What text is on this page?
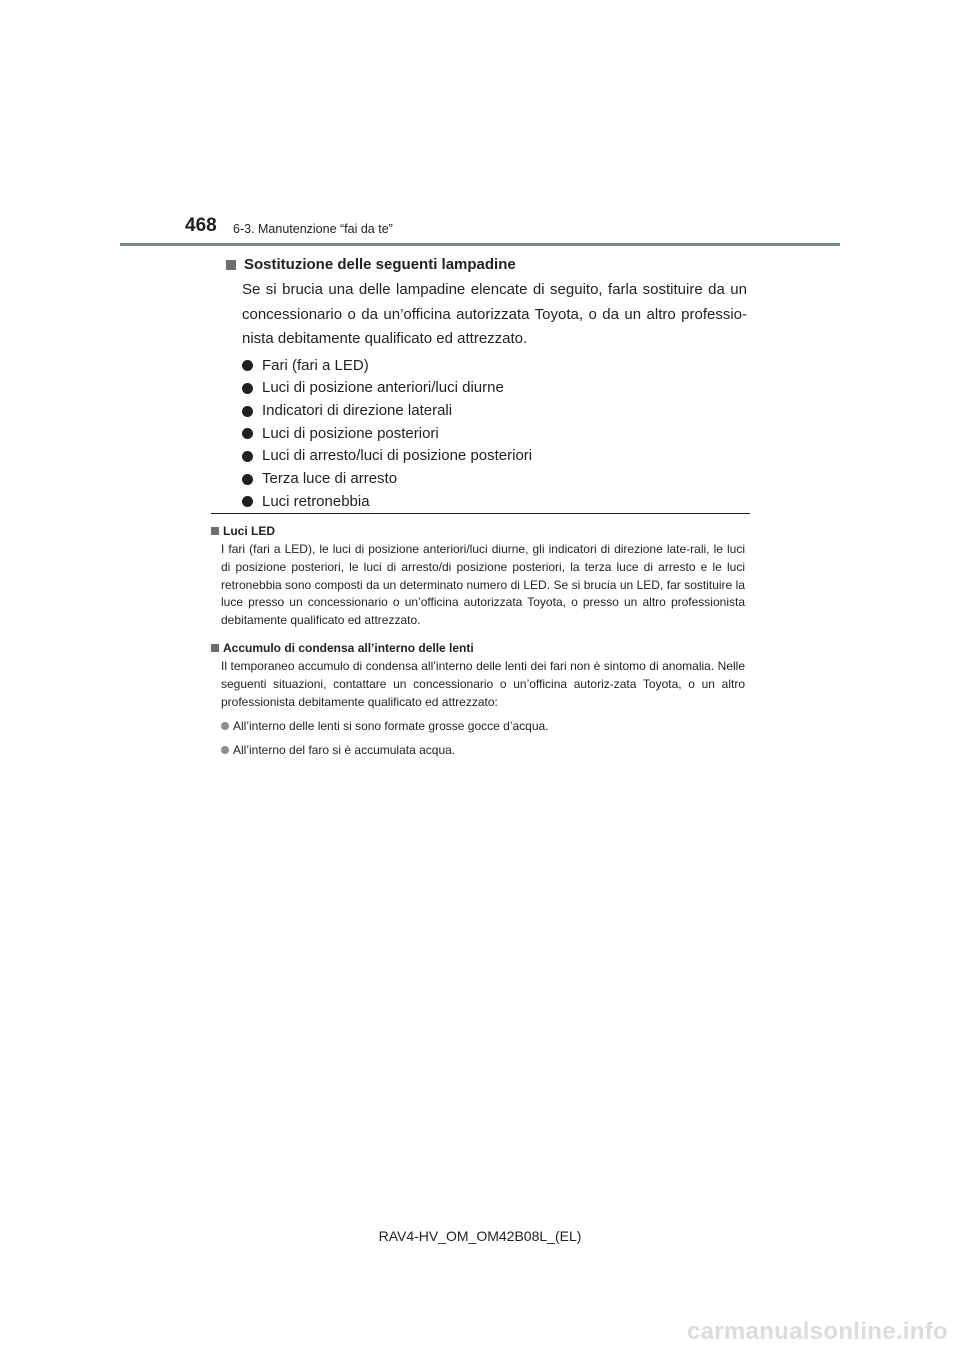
468 6-3. Manutenzione “fai da te”
Sostituzione delle seguenti lampadine

Se si brucia una delle lampadine elencate di seguito, farla sostituire da un concessionario o da un’officina autorizzata Toyota, o da un altro professio-nista debitamente qualificato ed attrezzato.

Fari (fari a LED)
Luci di posizione anteriori/luci diurne
Indicatori di direzione laterali
Luci di posizione posteriori
Luci di arresto/luci di posizione posteriori
Terza luce di arresto
Luci retronebbia
Luci LED

I fari (fari a LED), le luci di posizione anteriori/luci diurne, gli indicatori di direzione late-rali, le luci di posizione posteriori, le luci di arresto/di posizione posteriori, la terza luce di arresto e le luci retronebbia sono composti da un determinato numero di LED. Se si brucia un LED, far sostituire la luce presso un concessionario o un’officina autorizzata Toyota, o presso un altro professionista debitamente qualificato ed attrezzato.

Accumulo di condensa all’interno delle lenti

Il temporaneo accumulo di condensa all’interno delle lenti dei fari non è sintomo di anomalia. Nelle seguenti situazioni, contattare un concessionario o un’officina autoriz-zata Toyota, o un altro professionista debitamente qualificato ed attrezzato:

All’interno delle lenti si sono formate grosse gocce d’acqua.
All’interno del faro si è accumulata acqua.
RAV4-HV_OM_OM42B08L_(EL)
carmanualsonline.info
